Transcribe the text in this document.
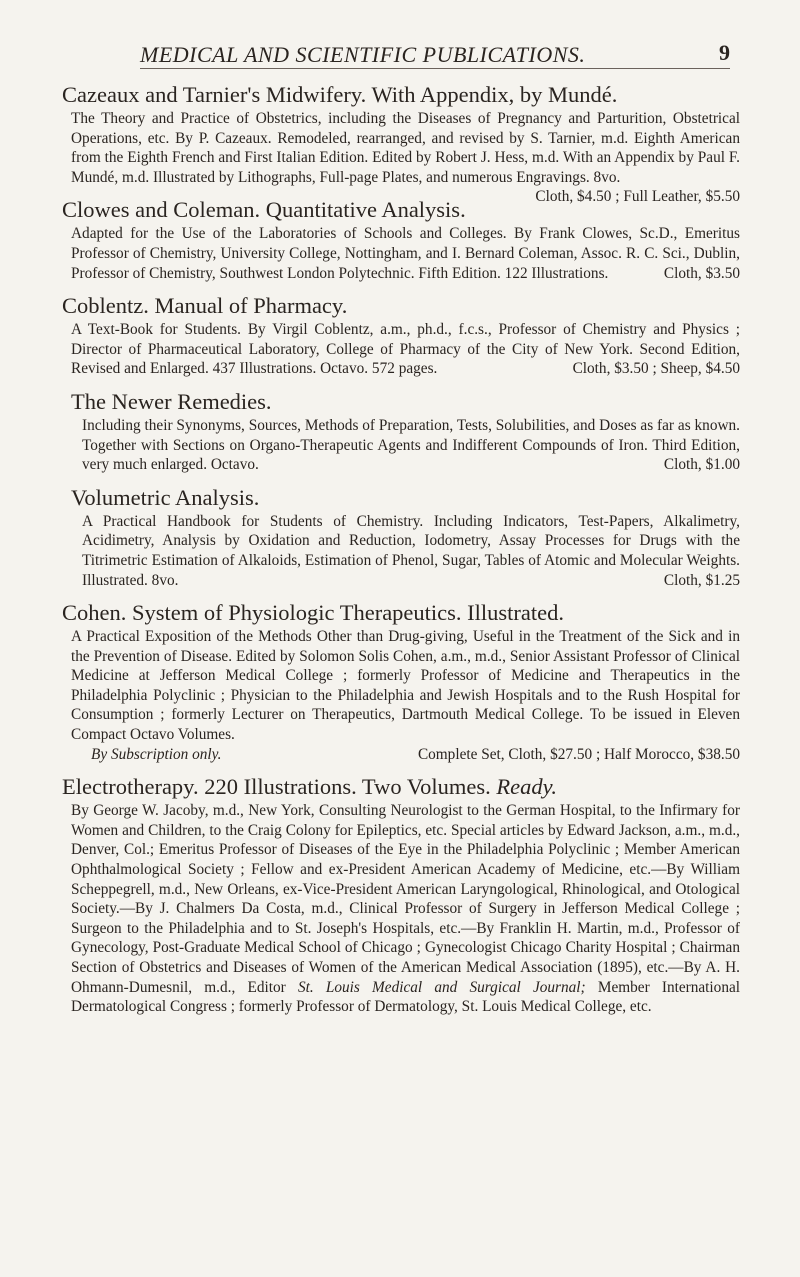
MEDICAL AND SCIENTIFIC PUBLICATIONS.	9

Cazeaux and Tarnier's Midwifery. With Appendix, by Mundé.

The Theory and Practice of Obstetrics, including the Diseases of Pregnancy and Parturition, Obstetrical Operations, etc. By P. Cazeaux. Remodeled, rearranged, and revised by S. Tarnier, m.d. Eighth American from the Eighth French and First Italian Edition. Edited by Robert J. Hess, m.d. With an Appendix by Paul F. Mundé, m.d. Illustrated by Lithographs, Full-page Plates, and numerous Engravings. 8vo.
Cloth, $4.50 ; Full Leather, $5.50

Clowes and Coleman. Quantitative Analysis.

Adapted for the Use of the Laboratories of Schools and Colleges. By Frank Clowes, Sc.D., Emeritus Professor of Chemistry, University College, Nottingham, and I. Bernard Coleman, Assoc. R. C. Sci., Dublin, Professor of Chemistry, Southwest London Polytechnic. Fifth Edition. 122 Illustrations.	Cloth, $3.50

Coblentz. Manual of Pharmacy.

A Text-Book for Students. By Virgil Coblentz, a.m., ph.d., f.c.s., Professor of Chemistry and Physics ; Director of Pharmaceutical Laboratory, College of Pharmacy of the City of New York. Second Edition, Revised and Enlarged. 437 Illustrations. Octavo. 572 pages.	Cloth, $3.50 ; Sheep, $4.50

The Newer Remedies.

Including their Synonyms, Sources, Methods of Preparation, Tests, Solubilities, and Doses as far as known. Together with Sections on Organo-Therapeutic Agents and Indifferent Compounds of Iron. Third Edition, very much enlarged. Octavo.	Cloth, $1.00

Volumetric Analysis.

A Practical Handbook for Students of Chemistry. Including Indicators, Test-Papers, Alkalimetry, Acidimetry, Analysis by Oxidation and Reduction, Iodometry, Assay Processes for Drugs with the Titrimetric Estimation of Alkaloids, Estimation of Phenol, Sugar, Tables of Atomic and Molecular Weights. Illustrated. 8vo.	Cloth, $1.25

Cohen. System of Physiologic Therapeutics. Illustrated.

A Practical Exposition of the Methods Other than Drug-giving, Useful in the Treatment of the Sick and in the Prevention of Disease. Edited by Solomon Solis Cohen, a.m., m.d., Senior Assistant Professor of Clinical Medicine at Jefferson Medical College ; formerly Professor of Medicine and Therapeutics in the Philadelphia Polyclinic ; Physician to the Philadelphia and Jewish Hospitals and to the Rush Hospital for Consumption ; formerly Lecturer on Therapeutics, Dartmouth Medical College. To be issued in Eleven Compact Octavo Volumes.
By Subscription only.	Complete Set, Cloth, $27.50 ; Half Morocco, $38.50

Electrotherapy. 220 Illustrations. Two Volumes. Ready.

By George W. Jacoby, m.d., New York, Consulting Neurologist to the German Hospital, to the Infirmary for Women and Children, to the Craig Colony for Epileptics, etc. Special articles by Edward Jackson, a.m., m.d., Denver, Col.; Emeritus Professor of Diseases of the Eye in the Philadelphia Polyclinic ; Member American Ophthalmological Society ; Fellow and ex-President American Academy of Medicine, etc.—By William Scheppegrell, m.d., New Orleans, ex-Vice-President American Laryngological, Rhinological, and Otological Society.—By J. Chalmers Da Costa, m.d., Clinical Professor of Surgery in Jefferson Medical College ; Surgeon to the Philadelphia and to St. Joseph's Hospitals, etc.—By Franklin H. Martin, m.d., Professor of Gynecology, Post-Graduate Medical School of Chicago ; Gynecologist Chicago Charity Hospital ; Chairman Section of Obstetrics and Diseases of Women of the American Medical Association (1895), etc.—By A. H. Ohmann-Dumesnil, m.d., Editor St. Louis Medical and Surgical Journal; Member International Dermatological Congress ; formerly Professor of Dermatology, St. Louis Medical College, etc.
